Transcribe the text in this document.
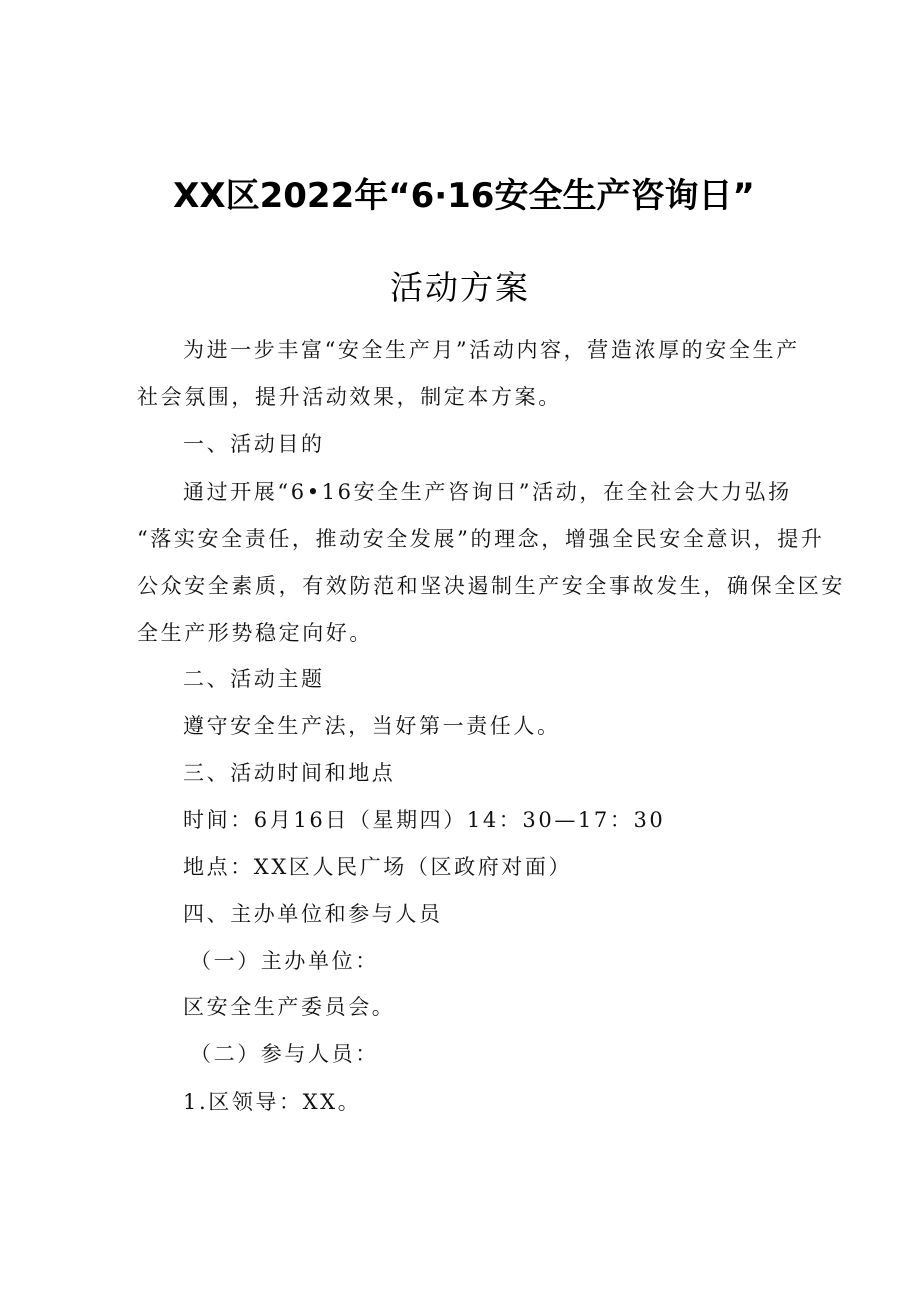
XX区2022年“6·16安全生产咨询日”
活动方案
为进一步丰富“安全生产月”活动内容，营造浓厚的安全生产
社会氛围，提升活动效果，制定本方案。
一、活动目的
通过开展“6•16安全生产咨询日”活动，在全社会大力弘扬
“落实安全责任，推动安全发展”的理念，增强全民安全意识，提升
公众安全素质，有效防范和坚决遏制生产安全事故发生，确保全区安
全生产形势稳定向好。
二、活动主题
遵守安全生产法，当好第一责任人。
三、活动时间和地点
时间：6月16日（星期四）14：30—17：30
地点：XX区人民广场（区政府对面）
四、主办单位和参与人员
（一）主办单位：
区安全生产委员会。
（二）参与人员：
1.区领导：XX。
